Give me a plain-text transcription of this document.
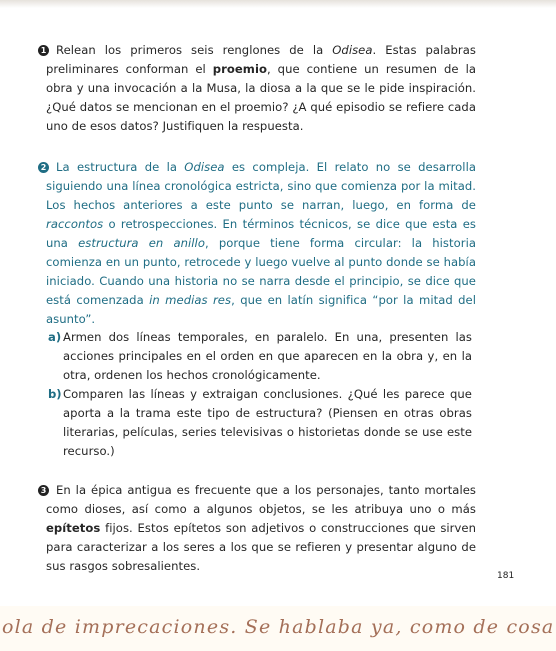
1 Relean los primeros seis renglones de la Odisea. Estas palabras preliminares conforman el proemio, que contiene un resumen de la obra y una invocación a la Musa, la diosa a la que se le pide inspiración. ¿Qué datos se mencionan en el proemio? ¿A qué episodio se refiere cada uno de esos datos? Justifiquen la respuesta.

2 La estructura de la Odisea es compleja. El relato no se desarrolla siguiendo una línea cronológica estricta, sino que comienza por la mitad. Los hechos anteriores a este punto se narran, luego, en forma de raccontos o retrospecciones. En términos técnicos, se dice que esta es una estructura en anillo, porque tiene forma circular: la historia comienza en un punto, retrocede y luego vuelve al punto donde se había iniciado. Cuando una historia no se narra desde el principio, se dice que está comenzada in medias res, que en latín significa “por la mitad del asunto”.

a) Armen dos líneas temporales, en paralelo. En una, presenten las acciones principales en el orden en que aparecen en la obra y, en la otra, ordenen los hechos cronológicamente.

b) Comparen las líneas y extraigan conclusiones. ¿Qué les parece que aporta a la trama este tipo de estructura? (Piensen en otras obras literarias, películas, series televisivas o historietas donde se use este recurso.)

3 En la épica antigua es frecuente que a los personajes, tanto mortales como dioses, así como a algunos objetos, se les atribuya uno o más epítetos fijos. Estos epítetos son adjetivos o construcciones que sirven para caracterizar a los seres a los que se refieren y presentar alguno de sus rasgos sobresalientes.

181
ola de imprecaciones. Se hablaba ya, como de cosa
